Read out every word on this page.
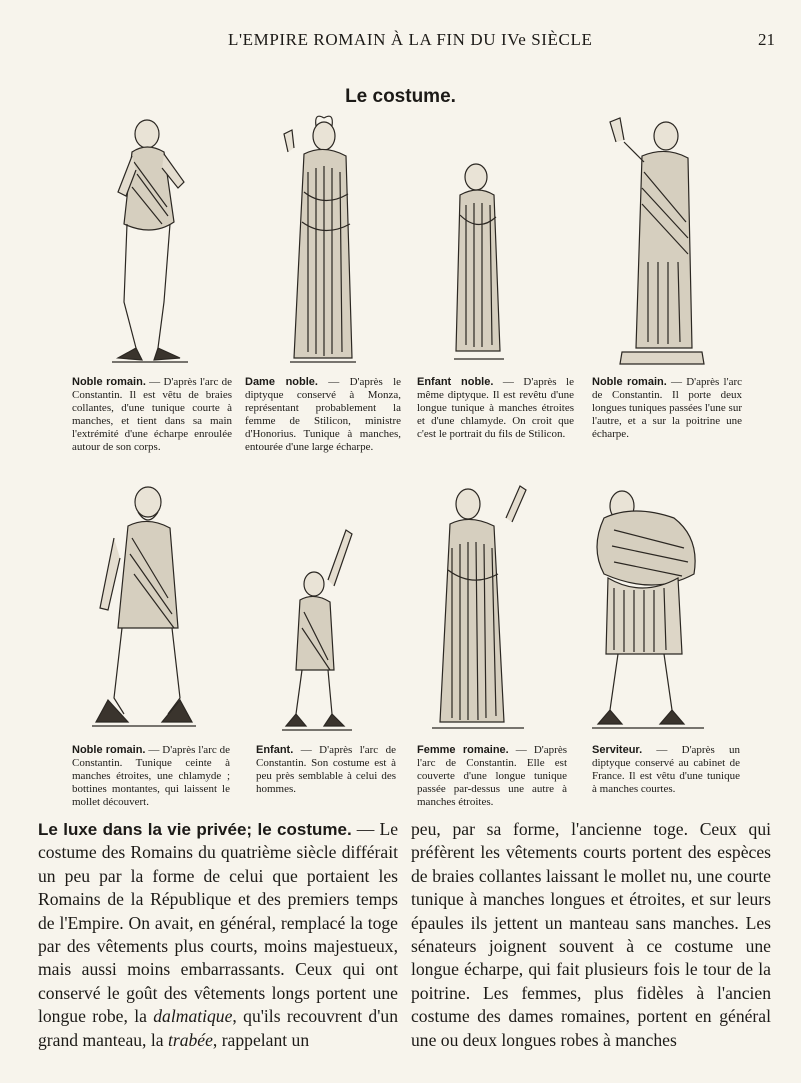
L'EMPIRE ROMAIN À LA FIN DU IVe SIÈCLE	21
Le costume.
Noble romain. — D'après l'arc de Constantin. Il est vêtu de braies collantes, d'une tunique courte à manches, et tient dans sa main l'extrémité d'une écharpe enroulée autour de son corps.
Dame noble. — D'après le diptyque conservé à Monza, représentant probablement la femme de Stilicon, ministre d'Honorius. Tunique à manches, entourée d'une large écharpe.
Enfant noble. — D'après le même diptyque. Il est revêtu d'une longue tunique à manches étroites et d'une chlamyde. On croit que c'est le portrait du fils de Stilicon.
Noble romain. — D'après l'arc de Constantin. Il porte deux longues tuniques passées l'une sur l'autre, et a sur la poitrine une écharpe.
Noble romain. — D'après l'arc de Constantin. Tunique ceinte à manches étroites, une chlamyde ; bottines montantes, qui laissent le mollet découvert.
Enfant. — D'après l'arc de Constantin. Son costume est à peu près semblable à celui des hommes.
Femme romaine. — D'après l'arc de Constantin. Elle est couverte d'une longue tunique passée par-dessus une autre à manches étroites.
Serviteur. — D'après un diptyque conservé au cabinet de France. Il est vêtu d'une tunique à manches courtes.
Le luxe dans la vie privée; le costume. — Le costume des Romains du quatrième siècle différait un peu par la forme de celui que portaient les Romains de la République et des premiers temps de l'Empire. On avait, en général, remplacé la toge par des vêtements plus courts, moins majestueux, mais aussi moins embarrassants. Ceux qui ont conservé le goût des vêtements longs portent une longue robe, la dalmatique, qu'ils recouvrent d'un grand manteau, la trabée, rappelant un
peu, par sa forme, l'ancienne toge. Ceux qui préfèrent les vêtements courts portent des espèces de braies collantes laissant le mollet nu, une courte tunique à manches longues et étroites, et sur leurs épaules ils jettent un manteau sans manches. Les sénateurs joignent souvent à ce costume une longue écharpe, qui fait plusieurs fois le tour de la poitrine. Les femmes, plus fidèles à l'ancien costume des dames romaines, portent en général une ou deux longues robes à manches
